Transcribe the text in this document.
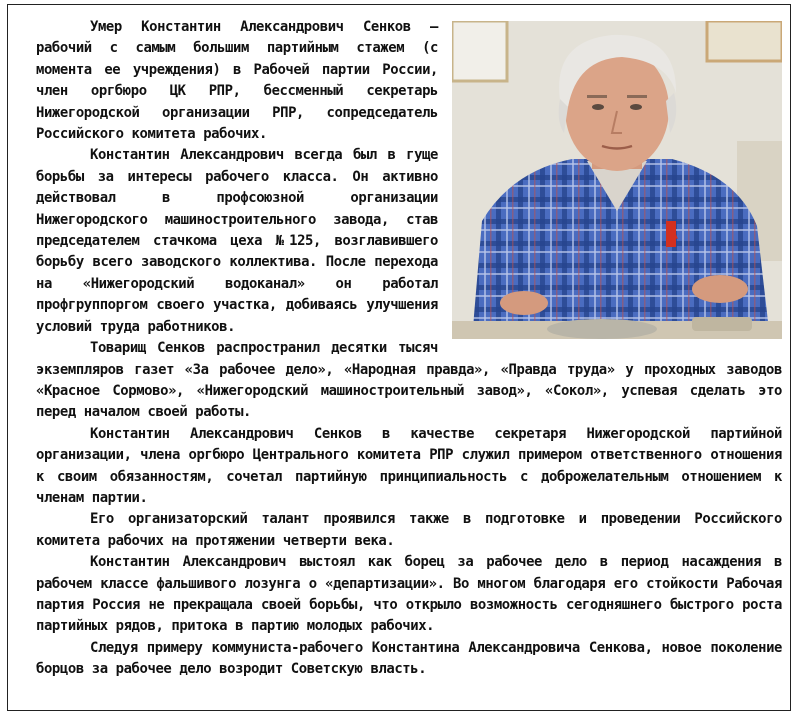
Умер Константин Александрович Сенков — рабочий с самым большим партийным стажем (с момента ее учреждения) в Рабочей партии России, член оргбюро ЦК РПР, бессменный секретарь Нижегородской организации РПР, сопредседатель Российского комитета рабочих.

Константин Александрович всегда был в гуще борьбы за интересы рабочего класса. Он активно действовал в профсоюзной организации Нижегородского машиностроительного завода, став председателем стачкома цеха №125, возглавившего борьбу всего заводского коллектива. После перехода на «Нижегородский водоканал» он работал профгруппоргом своего участка, добиваясь улучшения условий труда работников.

Товарищ Сенков распространил десятки тысяч экземпляров газет «За рабочее дело», «Народная правда», «Правда труда» у проходных заводов «Красное Сормово», «Нижегородский машиностроительный завод», «Сокол», успевая сделать это перед началом своей работы.

Константин Александрович Сенков в качестве секретаря Нижегородской партийной организации, члена оргбюро Центрального комитета РПР служил примером ответственного отношения к своим обязанностям, сочетал партийную принципиальность с доброжелательным отношением к членам партии.

Его организаторский талант проявился также в подготовке и проведении Российского комитета рабочих на протяжении четверти века.

Константин Александрович выстоял как борец за рабочее дело в период насаждения в рабочем классе фальшивого лозунга о «департизации». Во многом благодаря его стойкости Рабочая партия Россия не прекращала своей борьбы, что открыло возможность сегодняшнего быстрого роста партийных рядов, притока в партию молодых рабочих.

Следуя примеру коммуниста-рабочего Константина Александровича Сенкова, новое поколение борцов за рабочее дело возродит Советскую власть.
